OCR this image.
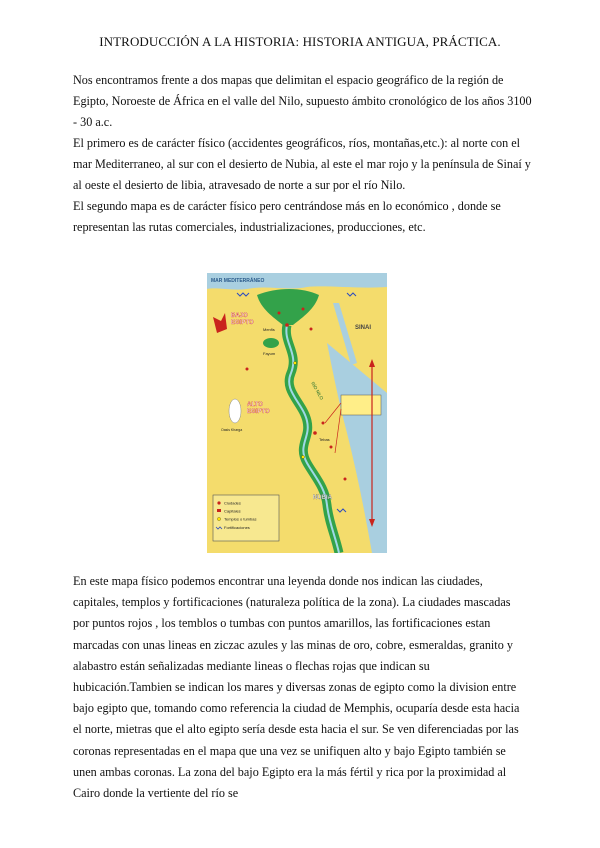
INTRODUCCIÓN A LA HISTORIA: HISTORIA ANTIGUA, PRÁCTICA.

Nos encontramos frente a dos mapas que delimitan el espacio geográfico de la región de Egipto, Noroeste de África en el valle del Nilo, supuesto ámbito cronológico de los años 3100 - 30 a.c.

El primero es de carácter físico (accidentes geográficos, ríos, montañas,etc.): al norte con el mar Mediterraneo, al sur con el desierto de Nubia, al este el mar rojo y la península de Sinaí y al oeste el desierto de libia, atravesado de norte a sur por el río Nilo.

El segundo mapa es de carácter físico pero centrándose más en lo económico , donde se representan las rutas comerciales, industrializaciones, producciones, etc.

MAR MEDITERRÁNEO
BAJO
EGIPTO
ALTO
EGIPTO
SINAI
NUBIA
RÍO NILO
Menfis
Fayum
Tebas
Oasis Kharga
Ciudades
Capitales
Templos o tumbas
Fortificaciones

En este mapa físico podemos encontrar una leyenda donde nos indican las ciudades, capitales, templos y fortificaciones (naturaleza política de la zona). La ciudades mascadas por puntos rojos , los temblos o tumbas con puntos amarillos, las fortificaciones estan marcadas con unas lineas en ziczac azules y las minas de oro, cobre, esmeraldas, granito y alabastro están señalizadas mediante lineas o flechas rojas que indican su hubicación.Tambien se indican los mares y diversas zonas de egipto como la division entre bajo egipto que, tomando como referencia la ciudad de Memphis, ocuparía desde esta hacia el norte, mietras que el alto egipto sería desde esta hacia el sur. Se ven diferenciadas por las coronas representadas en el mapa que una vez se unifiquen alto y bajo Egipto también se unen ambas coronas. La zona del bajo Egipto era la más fértil y rica por la proximidad al Cairo donde la vertiente del río se
